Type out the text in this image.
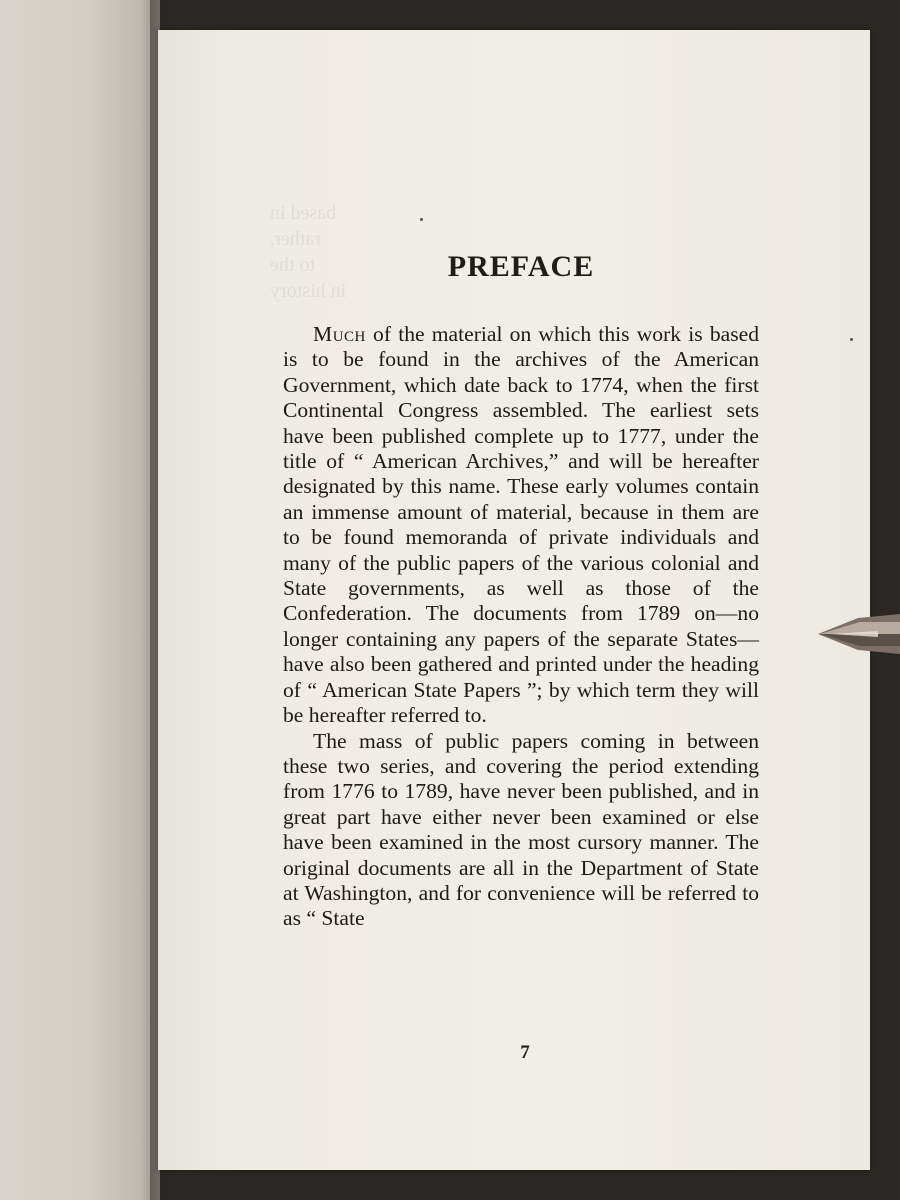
based in
rather,
to the
in history
PREFACE

Much of the material on which this work is based is to be found in the archives of the American Government, which date back to 1774, when the first Continental Congress assembled. The earliest sets have been published complete up to 1777, under the title of “ American Archives,” and will be hereafter designated by this name. These early volumes contain an immense amount of material, because in them are to be found memoranda of private individuals and many of the public papers of the various colonial and State governments, as well as those of the Confederation. The documents from 1789 on—no longer containing any papers of the separate States—have also been gathered and printed under the heading of “ American State Papers ”; by which term they will be hereafter referred to.

The mass of public papers coming in between these two series, and covering the period extending from 1776 to 1789, have never been published, and in great part have either never been examined or else have been examined in the most cursory manner. The original documents are all in the Department of State at Washington, and for convenience will be referred to as “ State

7
